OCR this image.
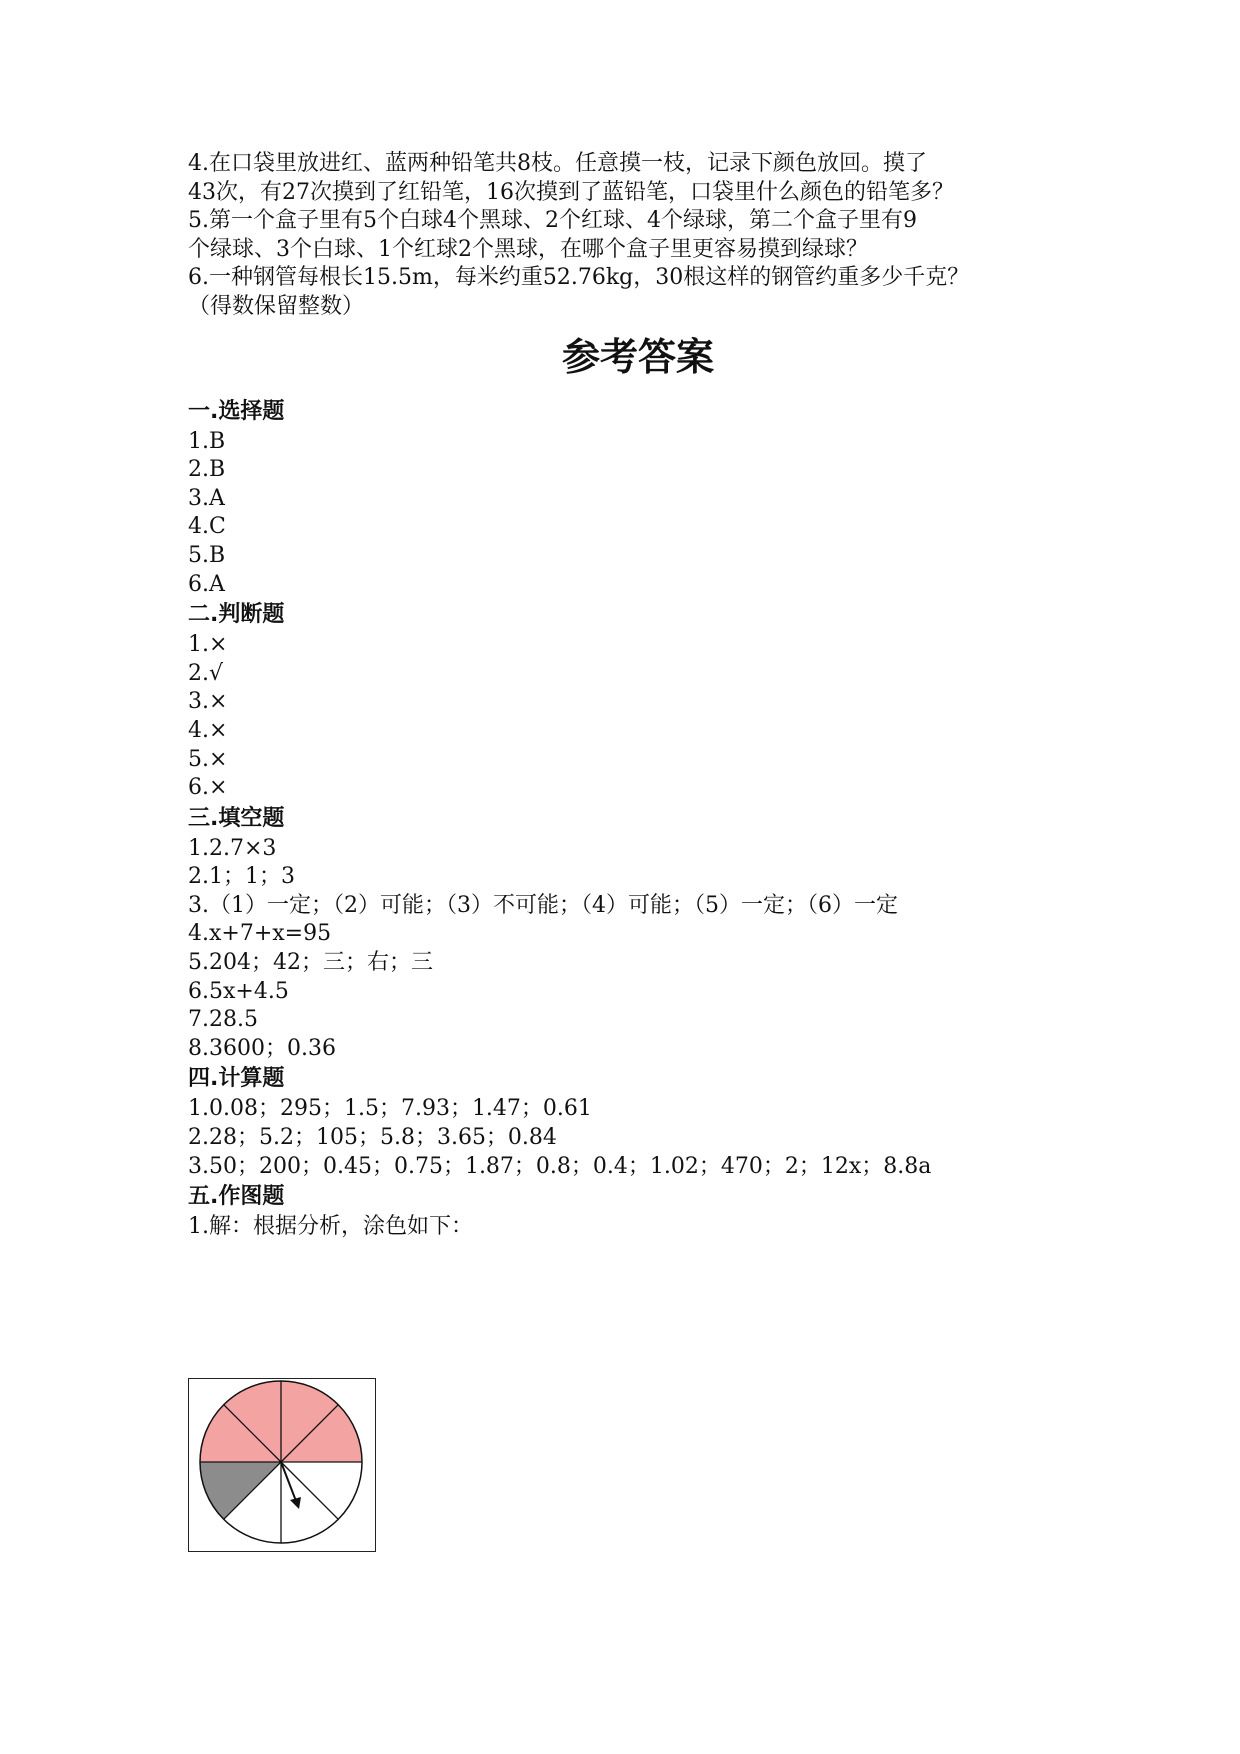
4.在口袋里放进红、蓝两种铅笔共8枝。任意摸一枝，记录下颜色放回。摸了

43次，有27次摸到了红铅笔，16次摸到了蓝铅笔，口袋里什么颜色的铅笔多？

5.第一个盒子里有5个白球4个黑球、2个红球、4个绿球，第二个盒子里有9

个绿球、3个白球、1个红球2个黑球，在哪个盒子里更容易摸到绿球？

6.一种钢管每根长15.5m，每米约重52.76kg，30根这样的钢管约重多少千克？

（得数保留整数）

参考答案
一.选择题

1.B

2.B

3.A

4.C

5.B

6.A

二.判断题

1.×

2.√

3.×

4.×

5.×

6.×

三.填空题

1.2.7×3

2.1；1；3

3.（1）一定；（2）可能；（3）不可能；（4）可能；（5）一定；（6）一定

4.x+7+x=95

5.204；42；三；右；三

6.5x+4.5

7.28.5

8.3600；0.36

四.计算题

1.0.08；295；1.5；7.93；1.47；0.61

2.28；5.2；105；5.8；3.65；0.84

3.50；200；0.45；0.75；1.87；0.8；0.4；1.02；470；2；12x；8.8a

五.作图题

1.解：根据分析，涂色如下：
